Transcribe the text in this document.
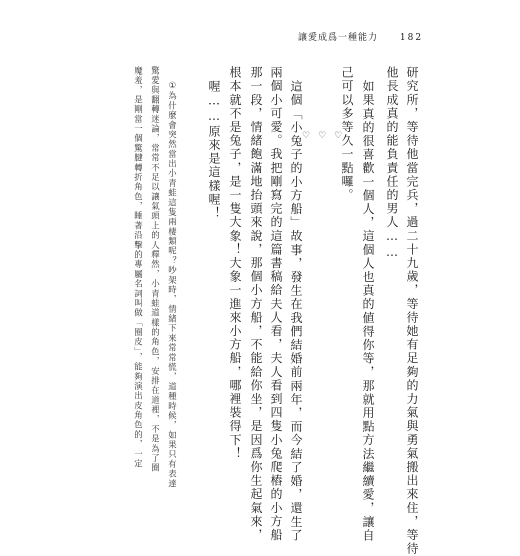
讓愛成爲一種能力 182
研究所，等待他當完兵，過二十九歲，等待她有足夠的力氣與勇氣搬出來住，等待
他長成真的能負責任的男人……
如果真的很喜歡一個人，這個人也真的値得你等，那就用點方法繼續愛，讓自
己可以多等久一點囉。
♡ ♡ ♡
這個「小兔子的小方船」故事，發生在我們結婚前兩年，而今結了婚，還生了
兩個小可愛。我把剛寫完的這篇書稿給夫人看，夫人看到四隻小兔爬樁的小方船
那一段，情緒飽滿地抬頭來說，那個小方船，不能給你坐，是因爲你生起氣來，
根本就不是兔子，是一隻大象！大象一進來小方船，哪裡裝得下！
喔……原來是這樣喔！
①為什麼會突然當出小青蛙這隻兩棲類呢？吵架時，情緒下來常常慌，道種時候，如果只有表達
驚愛與翻轉迷論，常常不足以讓氣頭上的人釋然，小青蛙道樣的角色，安排在道裡，不是為了圈
魔羞，是剛當一個驚腱轉折角色，睡著沿擊的專屬名詞叫做「圈皮」，能夠演出皮角色的，一定
